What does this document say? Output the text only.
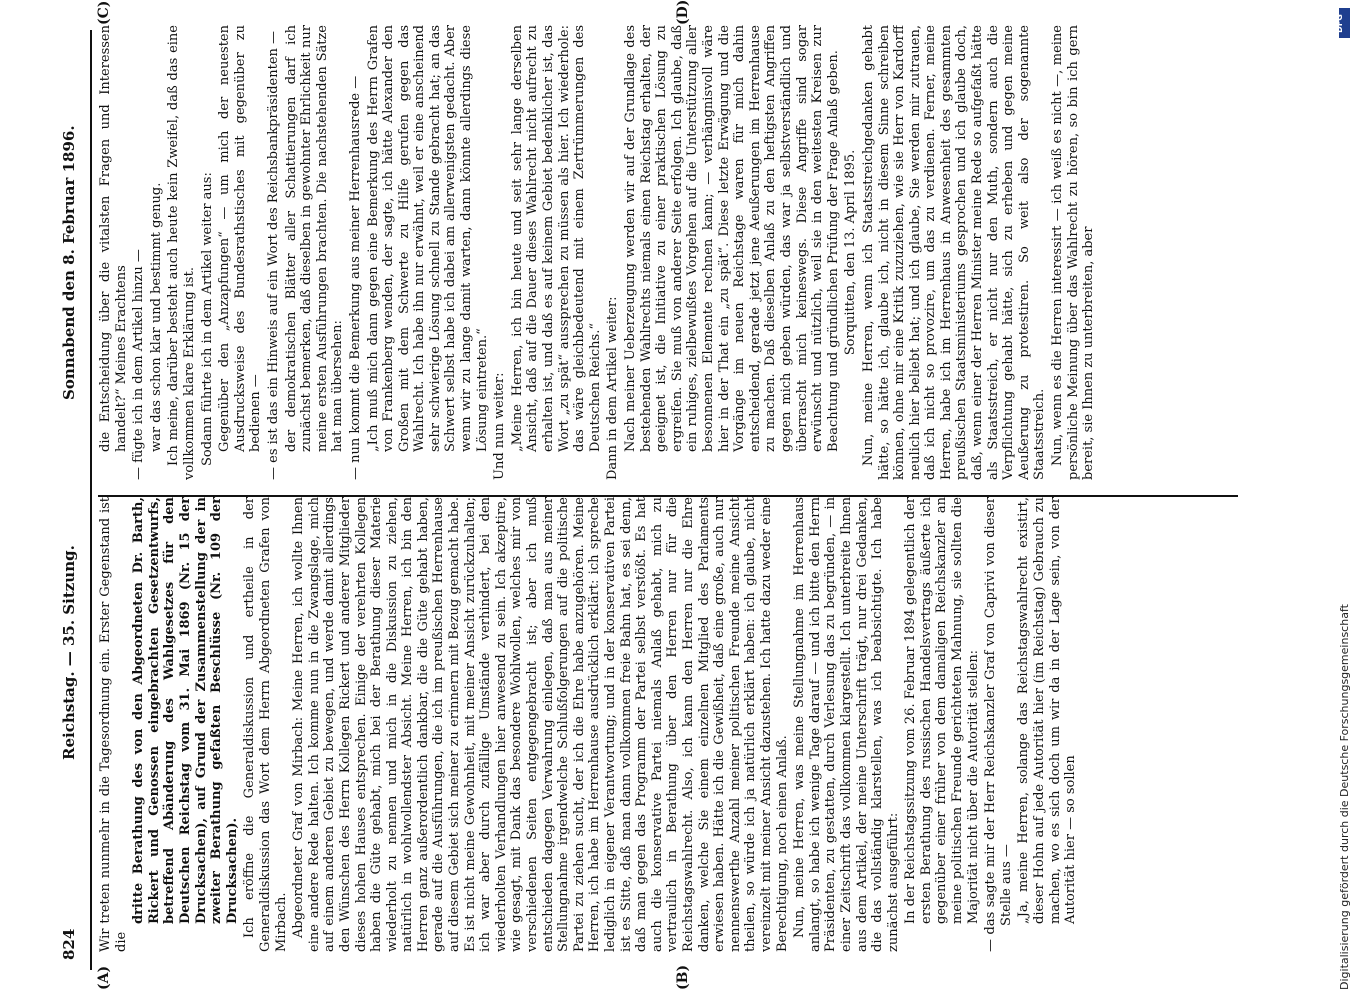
824
Reichstag. — 35. Sitzung.
Sonnabend den 8. Februar 1896.
(A)	(B)
(C)	(D)

Wir treten nunmehr in die Tagesordnung ein. Erster Gegenstand ist die

dritte Berathung des von den Abgeordneten Dr. Barth, Rickert und Genossen eingebrachten Gesetzentwurfs, betreffend Abänderung des Wahlgesetzes für den Deutschen Reichstag vom 31. Mai 1869 (Nr. 15 der Drucksachen), auf Grund der Zusammenstellung der in zweiter Berathung gefaßten Beschlüsse (Nr. 109 der Drucksachen). Ich eröffne die Generaldiskussion und ertheile in der Generaldiskussion das Wort dem Herrn Abgeordneten Grafen von Mirbach. Abgeordneter Graf von Mirbach: Meine Herren, ich wollte Ihnen eine andere Rede halten. Ich komme nun in die Zwangslage, mich auf einem anderen Gebiet zu bewegen, und werde damit allerdings den Wünschen des Herrn Kollegen Rickert und anderer Mitglieder dieses hohen Hauses entsprechen. Einige der verehrten Kollegen haben die Güte gehabt, mich bei der Berathung dieser Materie wiederholt zu nennen und mich in die Diskussion zu ziehen, natürlich in wohlwollendster Absicht. Meine Herren, ich bin den Herren ganz außerordentlich dankbar, die die Güte gehabt haben, gerade auf die Ausführungen, die ich im preußischen Herrenhause auf diesem Gebiet sich meiner zu erinnern mit Bezug gemacht habe. Es ist nicht meine Gewohnheit, mit meiner Ansicht zurückzuhalten; ich war aber durch zufällige Umstände verhindert, bei den wiederholten Verhandlungen hier anwesend zu sein. Ich akzeptire, wie gesagt, mit Dank das besondere Wohlwollen, welches mir von verschiedenen Seiten entgegengebracht ist; aber ich muß entschieden dagegen Verwahrung einlegen, daß man aus meiner Stellungnahme irgendwelche Schlußfolgerungen auf die politische Partei zu ziehen sucht, der ich die Ehre habe anzugehören. Meine Herren, ich habe im Herrenhause ausdrücklich erklärt: ich spreche lediglich in eigener Verantwortung; und in der konservativen Partei ist es Sitte, daß man dann vollkommen freie Bahn hat, es sei denn, daß man gegen das Programm der Partei selbst verstößt. Es hat auch die konservative Partei niemals Anlaß gehabt, mich zu vertraulich in Berathung über den Herren nur für die Reichstagswahlrecht. Also, ich kann den Herren nur die Ehre danken, welche Sie einem einzelnen Mitglied des Parlaments erwiesen haben. Hätte ich die Gewißheit, daß eine große, auch nur nennenswerthe Anzahl meiner politischen Freunde meine Ansicht theilen, so würde ich ja natürlich erklärt haben: ich glaube, nicht vereinzelt mit meiner Ansicht dazustehen. Ich hatte dazu weder eine Berechtigung, noch einen Anlaß. Nun, meine Herren, was meine Stellungnahme im Herrenhaus anlangt, so habe ich wenige Tage darauf — und ich bitte den Herrn Präsidenten, zu gestatten, durch Verlesung das zu begründen, — in einer Zeitschrift das vollkommen klargestellt. Ich unterbreite Ihnen aus dem Artikel, der meine Unterschrift trägt, nur drei Gedanken, die das vollständig klarstellen, was ich beabsichtigte. Ich habe zunächst ausgeführt: In der Reichstagssitzung vom 26. Februar 1894 gelegentlich der ersten Berathung des russischen Handelsvertrags äußerte ich gegenüber einer früher von dem damaligen Reichskanzler an meine politischen Freunde gerichteten Mahnung, sie sollten die Majorität nicht über die Autorität stellen: — das sagte mir der Herr Reichskanzler Graf von Caprivi von dieser Stelle aus — „Ja, meine Herren, solange das Reichstagswahlrecht existirt, dieser Hohn auf jede Autorität hier (im Reichstag) Gebrauch zu machen, wo es sich doch um wir da in der Lage sein, von der Autorität hier — so sollen

die Entscheidung über die vitalsten Fragen und Interessen handelt?“ Meines Erachtens — fügte ich in dem Artikel hinzu — war das schon klar und bestimmt genug. Ich meine, darüber besteht auch heute kein Zweifel, daß das eine vollkommen klare Erklärung ist. Sodann führte ich in dem Artikel weiter aus: Gegenüber den „Anzapfungen“ — um mich der neuesten Ausdrucksweise des Bundesrathstisches mit gegenüber zu bedienen — — es ist das ein Hinweis auf ein Wort des Reichsbankpräsidenten — der demokratischen Blätter aller Schattierungen darf ich zunächst bemerken, daß dieselben in gewohnter Ehrlichkeit nur meine ersten Ausführungen brachten. Die nachstehenden Sätze hat man übersehen: — nun kommt die Bemerkung aus meiner Herrenhausrede — „Ich muß mich dann gegen eine Bemerkung des Herrn Grafen von Frankenberg wenden, der sagte, ich hätte Alexander den Großen mit dem Schwerte zu Hilfe gerufen gegen das Wahlrecht. Ich habe ihn nur erwähnt, weil er eine anscheinend sehr schwierige Lösung schnell zu Stande gebracht hat; an das Schwert selbst habe ich dabei am allerwenigsten gedacht. Aber wenn wir zu lange damit warten, dann könnte allerdings diese Lösung eintreten.“ Und nun weiter: „Meine Herren, ich bin heute und seit sehr lange derselben Ansicht, daß auf die Dauer dieses Wahlrecht nicht aufrecht zu erhalten ist, und daß es auf keinem Gebiet bedenklicher ist, das Wort „zu spät“ aussprechen zu müssen als hier. Ich wiederhole: das wäre gleichbedeutend mit einem Zertrümmerungen des Deutschen Reichs.“ Dann in dem Artikel weiter: Nach meiner Ueberzeugung werden wir auf der Grundlage des bestehenden Wahlrechts niemals einen Reichstag erhalten, der geeignet ist, die Initiative zu einer praktischen Lösung zu ergreifen. Sie muß von anderer Seite erfolgen. Ich glaube, daß ein ruhiges, zielbewußtes Vorgehen auf die Unterstützung aller besonnenen Elemente rechnen kann; — verhängnisvoll wäre hier in der That ein „zu spät“. Diese letzte Erwägung und die Vorgänge im neuen Reichstage waren für mich dahin entscheidend, gerade jetzt jene Aeußerungen im Herrenhause zu machen. Daß dieselben Anlaß zu den heftigsten Angriffen gegen mich geben würden, das war ja selbstverständlich und überrascht mich keineswegs. Diese Angriffe sind sogar erwünscht und nützlich, weil sie in den weitesten Kreisen zur Beachtung und gründlichen Prüfung der Frage Anlaß geben. Sorquitten, den 13. April 1895. Nun, meine Herren, wenn ich Staatsstreichgedanken gehabt hätte, so hätte ich, glaube ich, nicht in diesem Sinne schreiben können, ohne mir eine Kritik zuzuziehen, wie sie Herr von Kardorff neulich hier beliebt hat; und ich glaube, Sie werden mir zutrauen, daß ich nicht so provozire, um das zu verdienen. Ferner, meine Herren, habe ich im Herrenhaus in Anwesenheit des gesammten preußischen Staatsministeriums gesprochen und ich glaube doch, daß, wenn einer der Herren Minister meine Rede so aufgefaßt hätte als Staatsstreich, er nicht nur den Muth, sondern auch die Verpflichtung gehabt hätte, sich zu erheben und gegen meine Aeußerung zu protestiren. So weit also der sogenannte Staatsstreich. Nun, wenn es die Herren interessirt — ich weiß es nicht —, meine persönliche Meinung über das Wahlrecht zu hören, so bin ich gern bereit, sie Ihnen zu unterbreiten, aber

Digitalisierung gefördert durch die Deutsche Forschungsgemeinschaft
DFG
